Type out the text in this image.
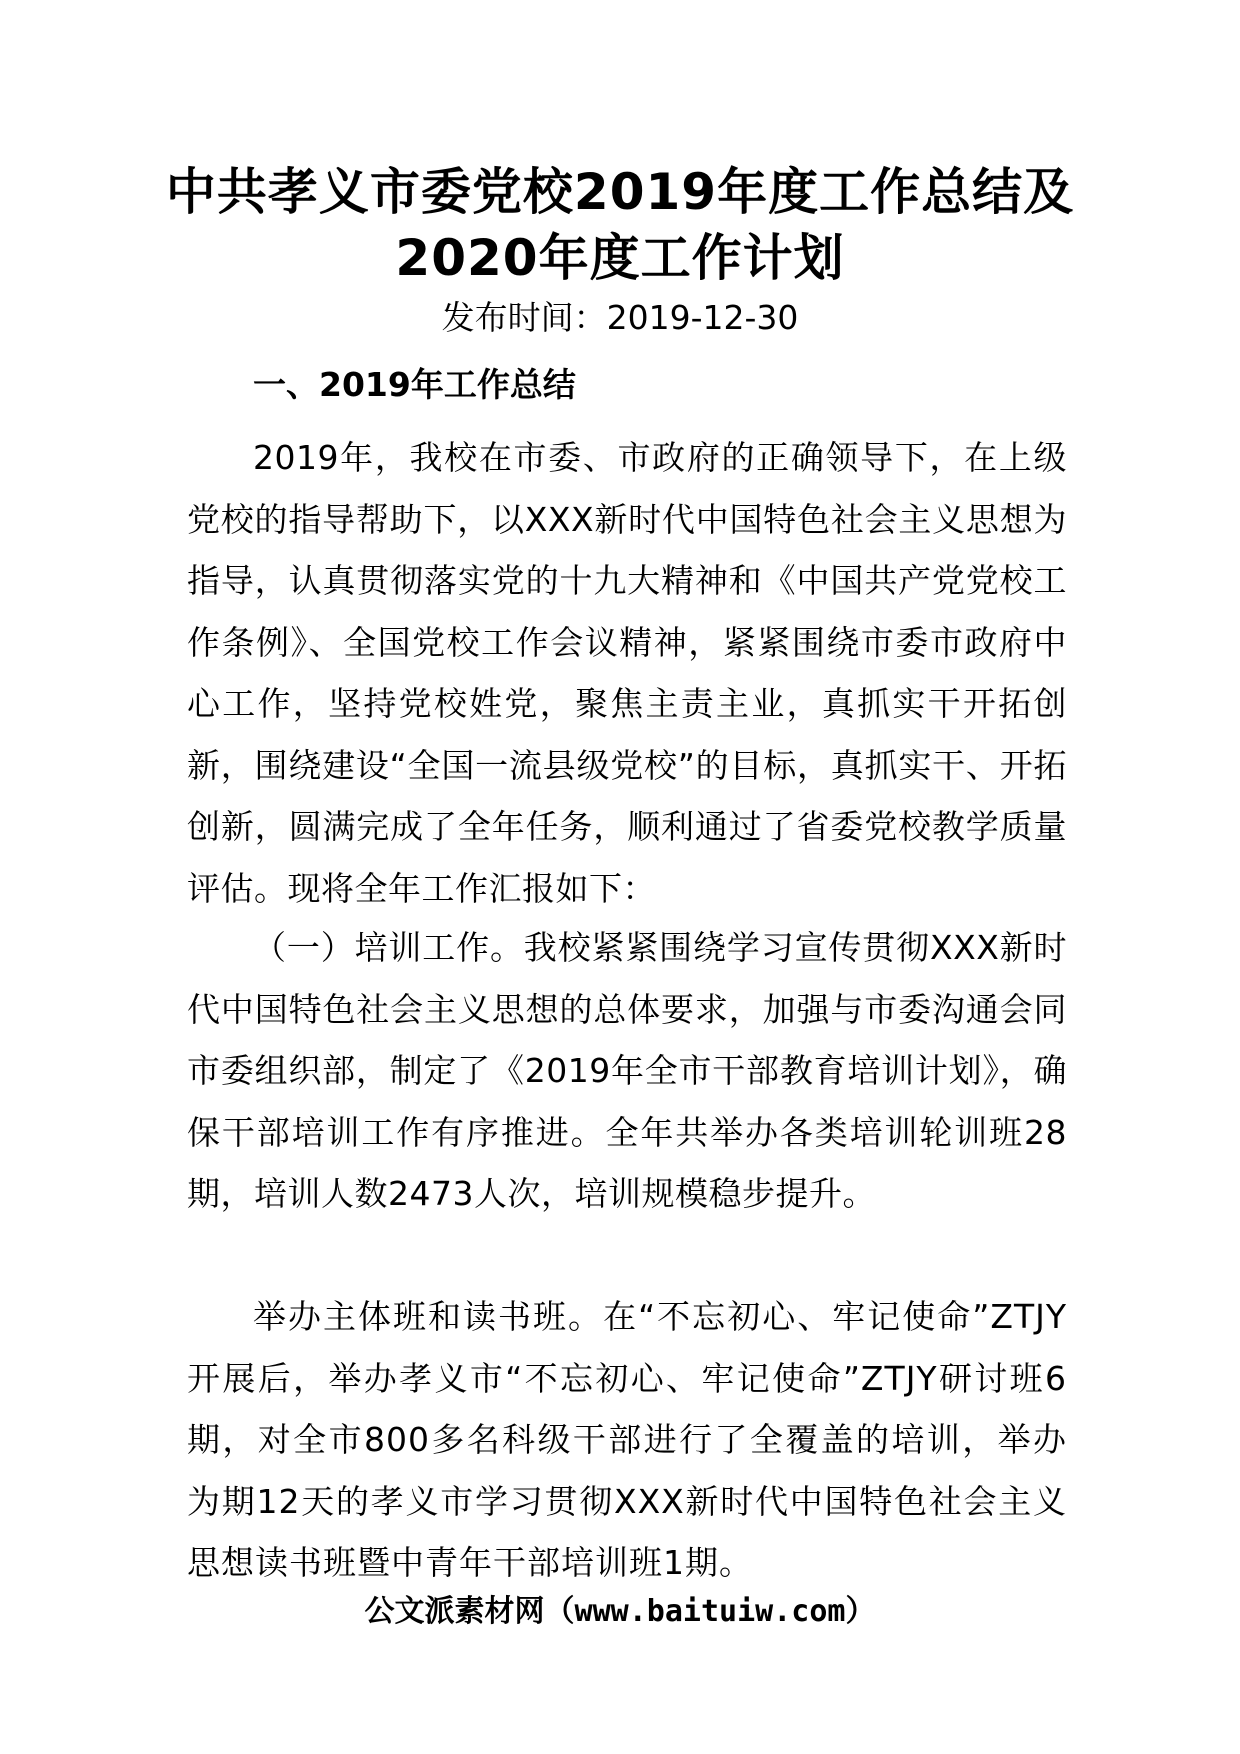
中共孝义市委党校2019年度工作总结及
2020年度工作计划
发布时间：2019-12-30
一、2019年工作总结
2019年，我校在市委、市政府的正确领导下，在上级党校的指导帮助下，以XXX新时代中国特色社会主义思想为指导，认真贯彻落实党的十九大精神和《中国共产党党校工作条例》、全国党校工作会议精神，紧紧围绕市委市政府中心工作，坚持党校姓党，聚焦主责主业，真抓实干开拓创新，围绕建设“全国一流县级党校”的目标，真抓实干、开拓创新，圆满完成了全年任务，顺利通过了省委党校教学质量评估。现将全年工作汇报如下：
（一）培训工作。我校紧紧围绕学习宣传贯彻XXX新时代中国特色社会主义思想的总体要求，加强与市委沟通会同市委组织部，制定了《2019年全市干部教育培训计划》，确保干部培训工作有序推进。全年共举办各类培训轮训班28期，培训人数2473人次，培训规模稳步提升。
举办主体班和读书班。在“不忘初心、牢记使命”ZTJY开展后，举办孝义市“不忘初心、牢记使命”ZTJY研讨班6期，对全市800多名科级干部进行了全覆盖的培训，举办为期12天的孝义市学习贯彻XXX新时代中国特色社会主义思想读书班暨中青年干部培训班1期。
公文派素材网（www.baituiw.com）
